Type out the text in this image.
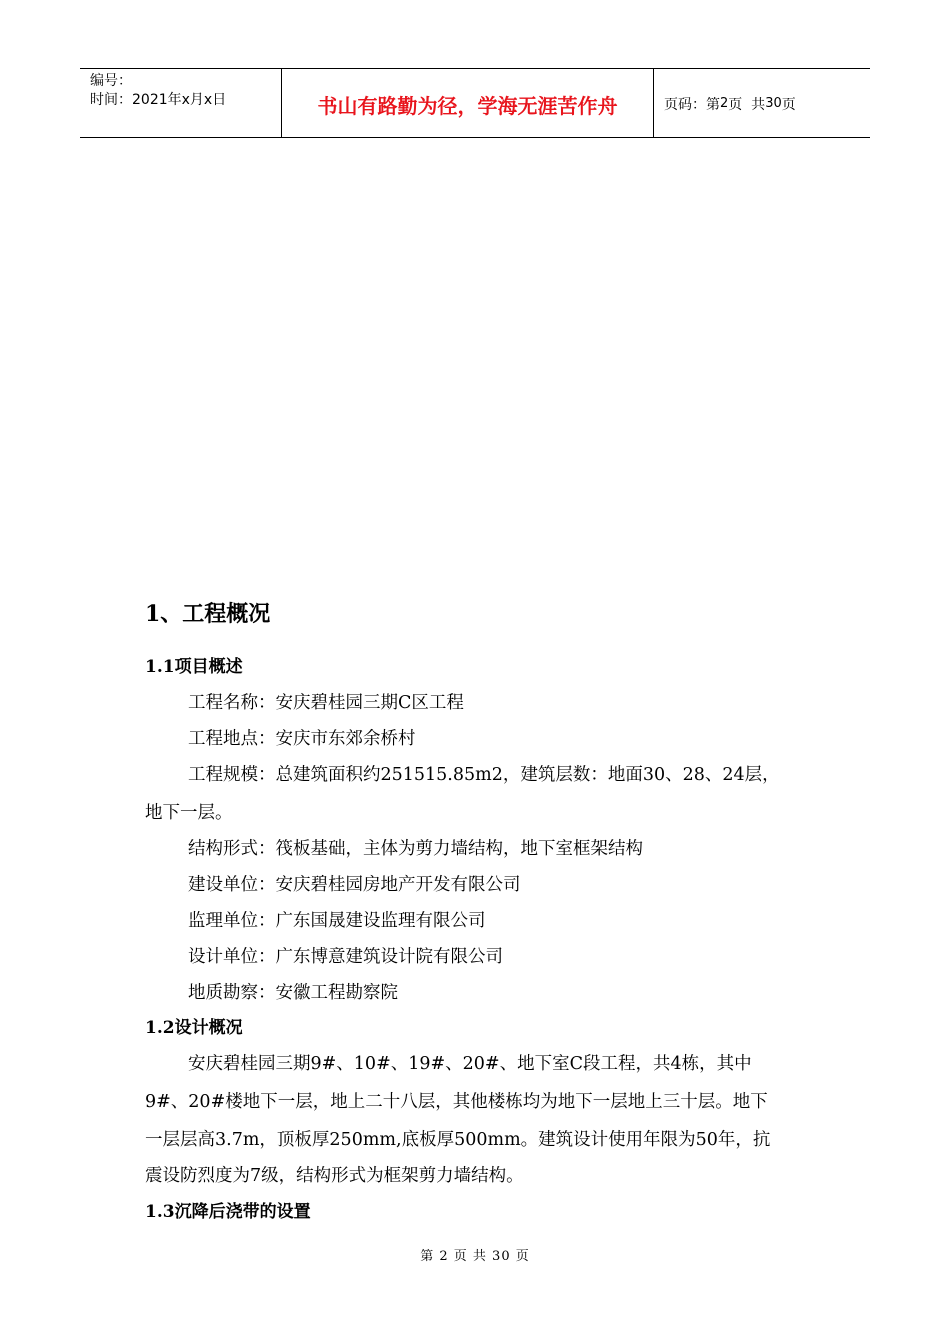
编号：
时间：2021年x月x日	书山有路勤为径，学海无涯苦作舟	页码：第 2 页  共 30 页
1、工程概况
1.1项目概述
工程名称：安庆碧桂园三期C区工程
工程地点：安庆市东郊余桥村
工程规模：总建筑面积约251515.85m2，建筑层数：地面30、28、24层，
地下一层。
结构形式：筏板基础，主体为剪力墙结构，地下室框架结构
建设单位：安庆碧桂园房地产开发有限公司
监理单位：广东国晟建设监理有限公司
设计单位：广东博意建筑设计院有限公司
地质勘察：安徽工程勘察院
1.2设计概况
安庆碧桂园三期9#、10#、19#、20#、地下室C段工程，共4栋，其中
9#、20#楼地下一层，地上二十八层，其他楼栋均为地下一层地上三十层。地下
一层层高3.7m，顶板厚250mm,底板厚500mm。建筑设计使用年限为50年，抗
震设防烈度为7级，结构形式为框架剪力墙结构。
1.3沉降后浇带的设置
第 2 页 共 30 页
